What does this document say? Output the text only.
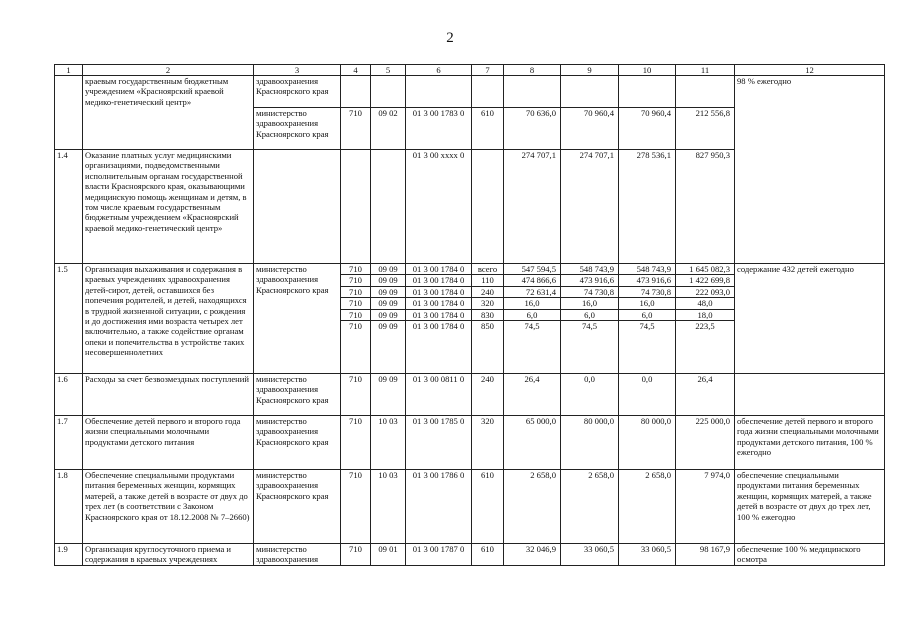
2
1	2	3	4	5	6	7	8	9	10	11	12
	краевым государственным бюджетным учреждением «Красноярский краевой медико-генетический центр»	здравоохранения Красноярского края									98 % ежегодно
		министерство здравоохранения Красноярского края	710	09 02	01 3 00 1783 0	610	70 636,0	70 960,4	70 960,4	212 556,8	
1.4	Оказание платных услуг медицинскими организациями, подведомственными исполнительным органам государственной власти Красноярского края, оказывающими медицинскую помощь женщинам и детям, в том числе краевым государственным бюджетным учреждением «Красноярский краевой медико-генетический центр»				01 3 00 xxxx 0		274 707,1	274 707,1	278 536,1	827 950,3	
1.5	Организация выхаживания и содержания в краевых учреждениях здравоохранения детей-сирот, детей, оставшихся без попечения родителей, и детей, находящихся в трудной жизненной ситуации, с рождения и до достижения ими возраста четырех лет включительно, а также содействие органам опеки и попечительства в устройстве таких несовершеннолетних	министерство здравоохранения Красноярского края	710	09 09	01 3 00 1784 0	всего	547 594,5	548 743,9	548 743,9	1 645 082,3	содержание 432 детей ежегодно
			710	09 09	01 3 00 1784 0	110	474 866,6	473 916,6	473 916,6	1 422 699,8	
			710	09 09	01 3 00 1784 0	240	72 631,4	74 730,8	74 730,8	222 093,0	
			710	09 09	01 3 00 1784 0	320	16,0	16,0	16,0	48,0	
			710	09 09	01 3 00 1784 0	830	6,0	6,0	6,0	18,0	
			710	09 09	01 3 00 1784 0	850	74,5	74,5	74,5	223,5	
1.6	Расходы за счет безвозмездных поступлений	министерство здравоохранения Красноярского края	710	09 09	01 3 00 0811 0	240	26,4	0,0	0,0	26,4	
1.7	Обеспечение детей первого и второго года жизни специальными молочными продуктами детского питания	министерство здравоохранения Красноярского края	710	10 03	01 3 00 1785 0	320	65 000,0	80 000,0	80 000,0	225 000,0	обеспечение детей первого и второго года жизни специальными молочными продуктами детского питания, 100 % ежегодно
1.8	Обеспечение специальными продуктами питания беременных женщин, кормящих матерей, а также детей в возрасте от двух до трех лет (в соответствии с Законом Красноярского края от 18.12.2008 № 7–2660)	министерство здравоохранения Красноярского края	710	10 03	01 3 00 1786 0	610	2 658,0	2 658,0	2 658,0	7 974,0	обеспечение специальными продуктами питания беременных женщин, кормящих матерей, а также детей в возрасте от двух до трех лет, 100 % ежегодно
1.9	Организация круглосуточного приема и содержания в краевых учреждениях	министерство здравоохранения	710	09 01	01 3 00 1787 0	610	32 046,9	33 060,5	33 060,5	98 167,9	обеспечение 100 % медицинского осмотра
